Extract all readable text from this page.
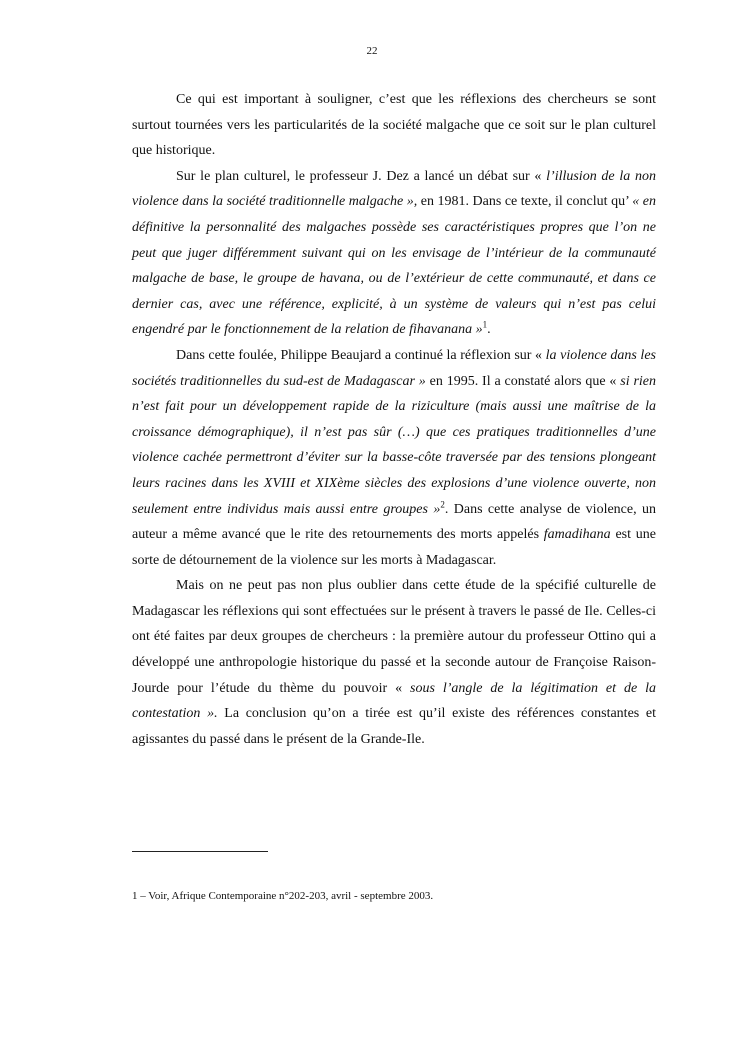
22

Ce qui est important à souligner, c’est que les réflexions des chercheurs se sont surtout tournées vers les particularités de la société malgache que ce soit sur le plan culturel que historique.

Sur le plan culturel, le professeur J. Dez a lancé un débat sur « l’illusion de la non violence dans la société traditionnelle malgache », en 1981. Dans ce texte, il conclut qu’ « en définitive la personnalité des malgaches possède ses caractéristiques propres que l’on ne peut que juger différemment suivant qui on les envisage de l’intérieur de la communauté malgache de base, le groupe de havana, ou de l’extérieur de cette communauté, et dans ce dernier cas, avec une référence, explicité, à un système de valeurs qui n’est pas celui engendré par le fonctionnement de la relation de fihavanana »$^1$.

Dans cette foulée, Philippe Beaujard a continué la réflexion sur « la violence dans les sociétés traditionnelles du sud-est de Madagascar » en 1995. Il a constaté alors que « si rien n’est fait pour un développement rapide de la riziculture (mais aussi une maîtrise de la croissance démographique), il n’est pas sûr (…) que ces pratiques traditionnelles d’une violence cachée permettront d’éviter sur la basse-côte traversée par des tensions plongeant leurs racines dans les XVIII et XIXème siècles des explosions d’une violence ouverte, non seulement entre individus mais aussi entre groupes »$^2$. Dans cette analyse de violence, un auteur a même avancé que le rite des retournements des morts appelés famadihana est une sorte de détournement de la violence sur les morts à Madagascar.

Mais on ne peut pas non plus oublier dans cette étude de la spécifié culturelle de Madagascar les réflexions qui sont effectuées sur le présent à travers le passé de Ile. Celles-ci ont été faites par deux groupes de chercheurs : la première autour du professeur Ottino qui a développé une anthropologie historique du passé et la seconde autour de Françoise Raison-Jourde pour l’étude du thème du pouvoir « sous l’angle de la légitimation et de la contestation ». La conclusion qu’on a tirée est qu’il existe des références constantes et agissantes du passé dans le présent de la Grande-Ile.

1 – Voir, Afrique Contemporaine n°202-203, avril - septembre 2003.
